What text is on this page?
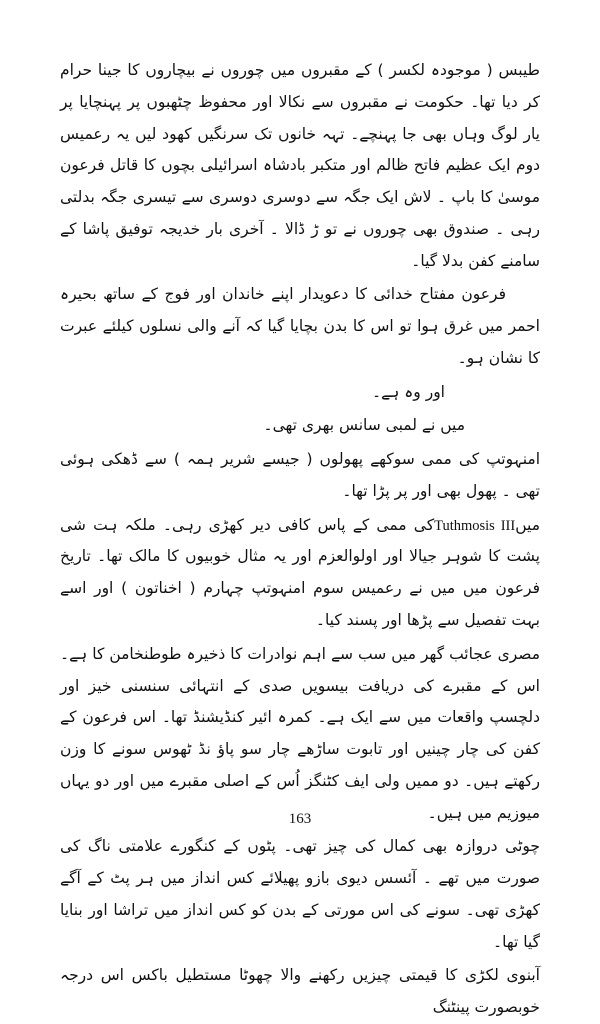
طیبس ( موجودہ لکسر ) کے مقبروں میں چوروں نے بیچاروں کا جینا حرام کر دیا تھا۔ حکومت نے مقبروں سے نکالا اور محفوظ چٹھبوں پر پہنچایا پر یار لوگ وہاں بھی جا پہنچے۔ تہہ خانوں تک سرنگیں کھود لیں یہ رعمیس دوم ایک عظیم فاتح ظالم اور متکبر بادشاہ اسرائیلی بچوں کا قاتل فرعون موسیٰ کا باپ ۔ لاش ایک جگہ سے دوسری دوسری سے تیسری جگہ بدلتی رہی ۔ صندوق بھی چوروں نے تو ڑ ڈالا ۔ آخری بار خدیجہ توفیق پاشا کے سامنے کفن بدلا گیا۔

فرعون مفتاح خدائی کا دعویدار اپنے خاندان اور فوج کے ساتھ بحیرہ احمر میں غرق ہوا تو اس کا بدن بچایا گیا کہ آنے والی نسلوں کیلئے عبرت کا نشان ہو۔

اور وہ ہے۔

میں نے لمبی سانس بھری تھی۔

امنہوتپ کی ممی سوکھے پھولوں ( جیسے شریر ہمہ ) سے ڈھکی ہوئی تھی ۔ پھول بھی اور پر پڑا تھا۔

میںTuthmosis IIIکی ممی کے پاس کافی دیر کھڑی رہی۔ ملکہ ہت شی پشت کا شوہر جیالا اور اولوالعزم اور یہ مثال خوبیوں کا مالک تھا۔ تاریخ فرعون میں میں نے رعمیس سوم امنہوتپ چہارم ( اخناتون ) اور اسے بہت تفصیل سے پڑھا اور پسند کیا۔

مصری عجائب گھر میں سب سے اہم نوادرات کا ذخیرہ طوطنخامن کا ہے۔ اس کے مقبرے کی دریافت بیسویں صدی کے انتہائی سنسنی خیز اور دلچسپ واقعات میں سے ایک ہے۔ کمرہ ائیر کنڈیشنڈ تھا۔ اس فرعون کے کفن کی چار چینیں اور تابوت ساڑھے چار سو پاؤ نڈ ٹھوس سونے کا وزن رکھتے ہیں۔ دو ممیں ولی ایف کٹنگز اُس کے اصلی مقبرے میں اور دو یہاں میوزیم میں ہیں۔

چوٹی دروازہ بھی کمال کی چیز تھی۔ پٹوں کے کنگورے علامتی ناگ کی صورت میں تھے ۔ آئسس دیوی بازو پھیلائے کس انداز میں ہر پٹ کے آگے کھڑی تھی۔ سونے کی اس مورتی کے بدن کو کس انداز میں تراشا اور بنایا گیا تھا۔

آبنوی لکڑی کا قیمتی چیزیں رکھنے والا چھوٹا مستطیل باکس اس درجہ خوبصورت پینٹنگ

163
